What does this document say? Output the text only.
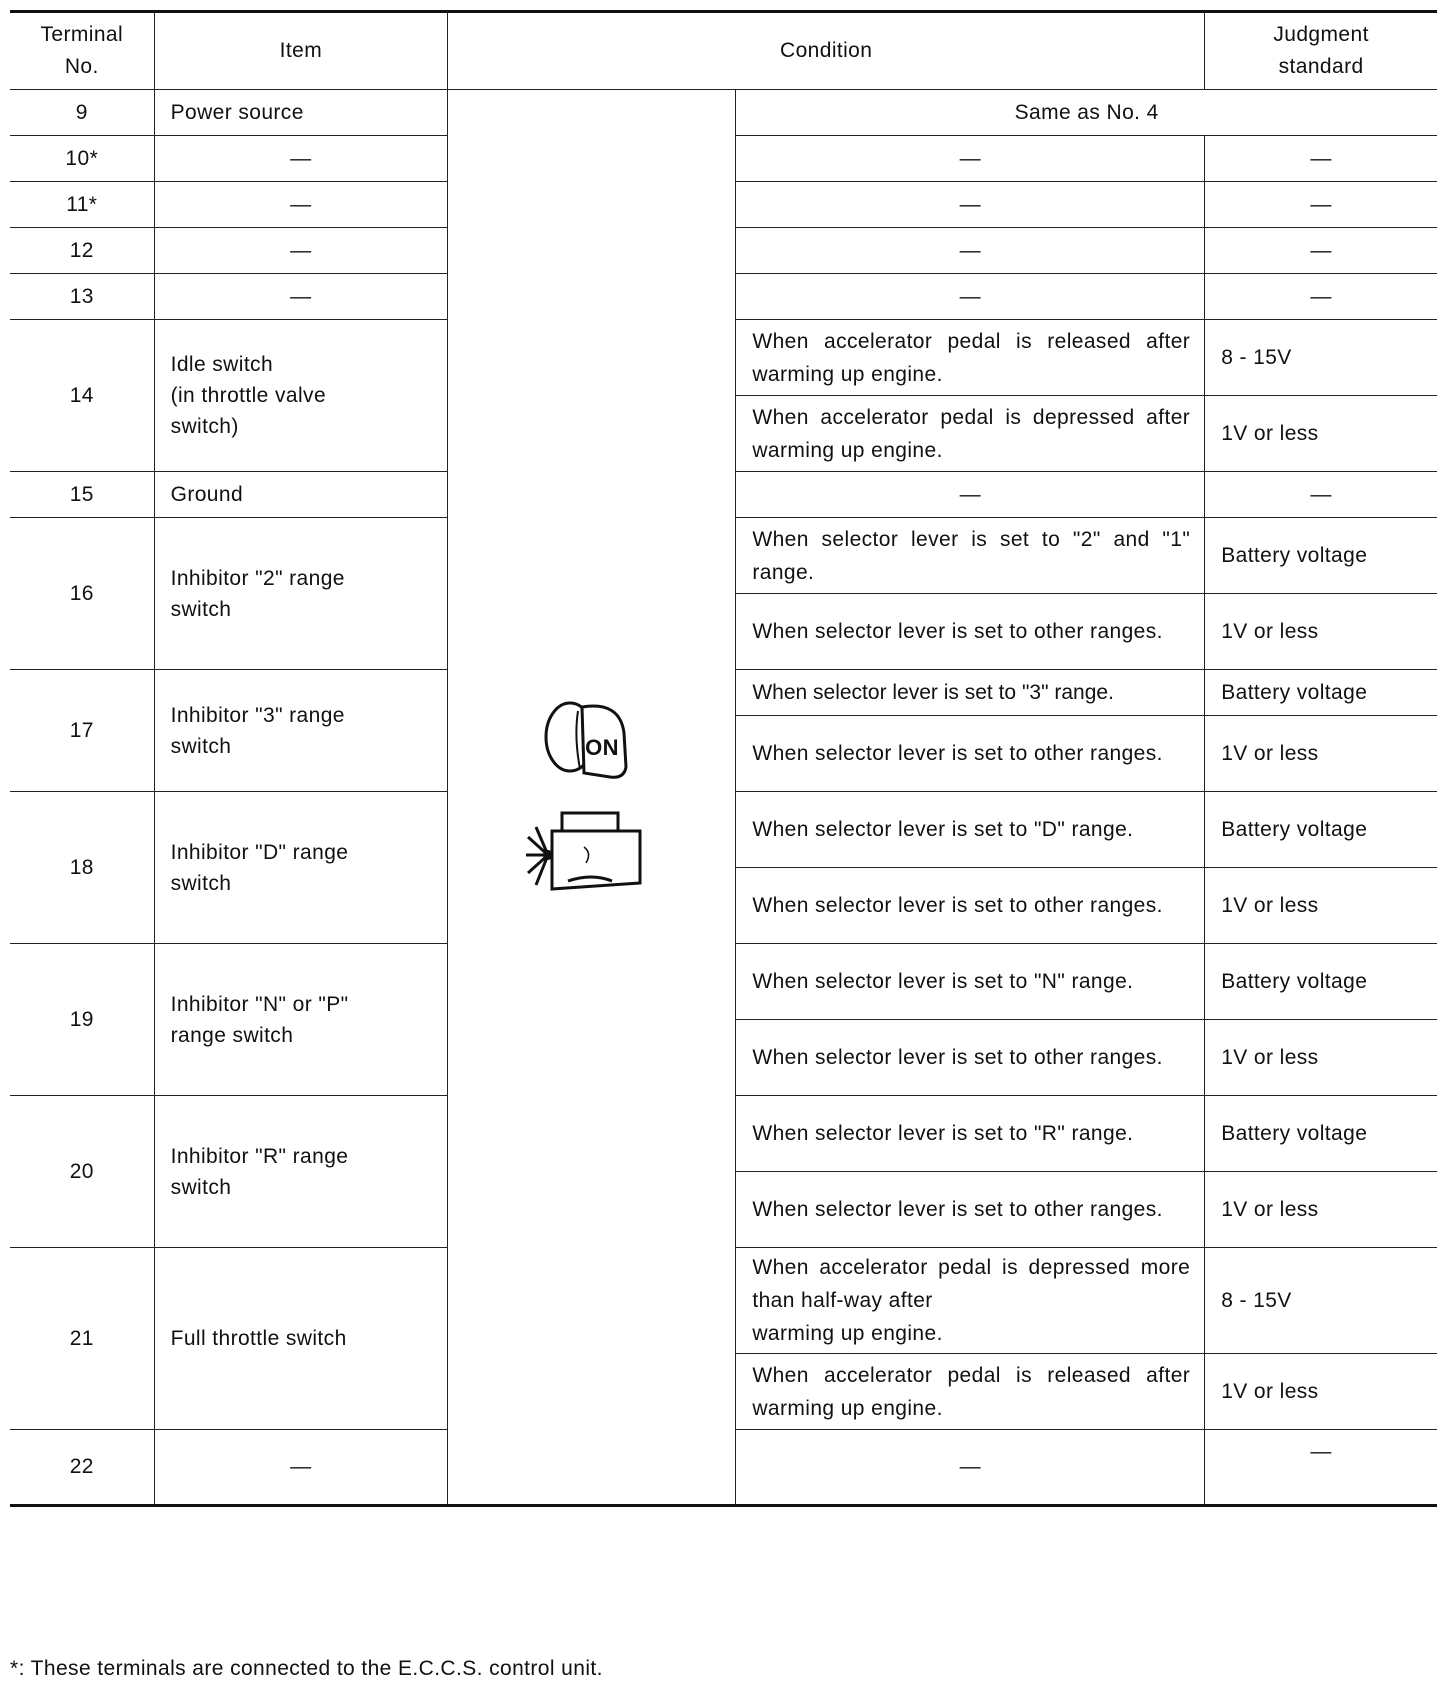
Terminal
No.	Item	Condition		Judgment
standard
9	Power source	ON	Same as No. 4	
10*	—		—	—
11*	—		—	—
12	—		—	—
13	—		—	—
14	Idle switch
(in throttle valve
switch)		When accelerator pedal is released after warming up engine.	8 - 15V
			When accelerator pedal is depressed after warming up engine.	1V or less
15	Ground		—	—
16	Inhibitor "2" range
switch		When selector lever is set to "2" and "1" range.	Battery voltage
			When selector lever is set to other ranges.	1V or less
17	Inhibitor "3" range
switch		When selector lever is set to "3" range.	Battery voltage
			When selector lever is set to other ranges.	1V or less
18	Inhibitor "D" range
switch		When selector lever is set to "D" range.	Battery voltage
			When selector lever is set to other ranges.	1V or less
19	Inhibitor "N" or "P"
range switch		When selector lever is set to "N" range.	Battery voltage
			When selector lever is set to other ranges.	1V or less
20	Inhibitor "R" range
switch		When selector lever is set to "R" range.	Battery voltage
			When selector lever is set to other ranges.	1V or less
21	Full throttle switch		When accelerator pedal is depressed more than half-way after
warming up engine.	8 - 15V
			When accelerator pedal is released after warming up engine.	1V or less
22	—		—	—
*: These terminals are connected to the E.C.C.S. control unit.
